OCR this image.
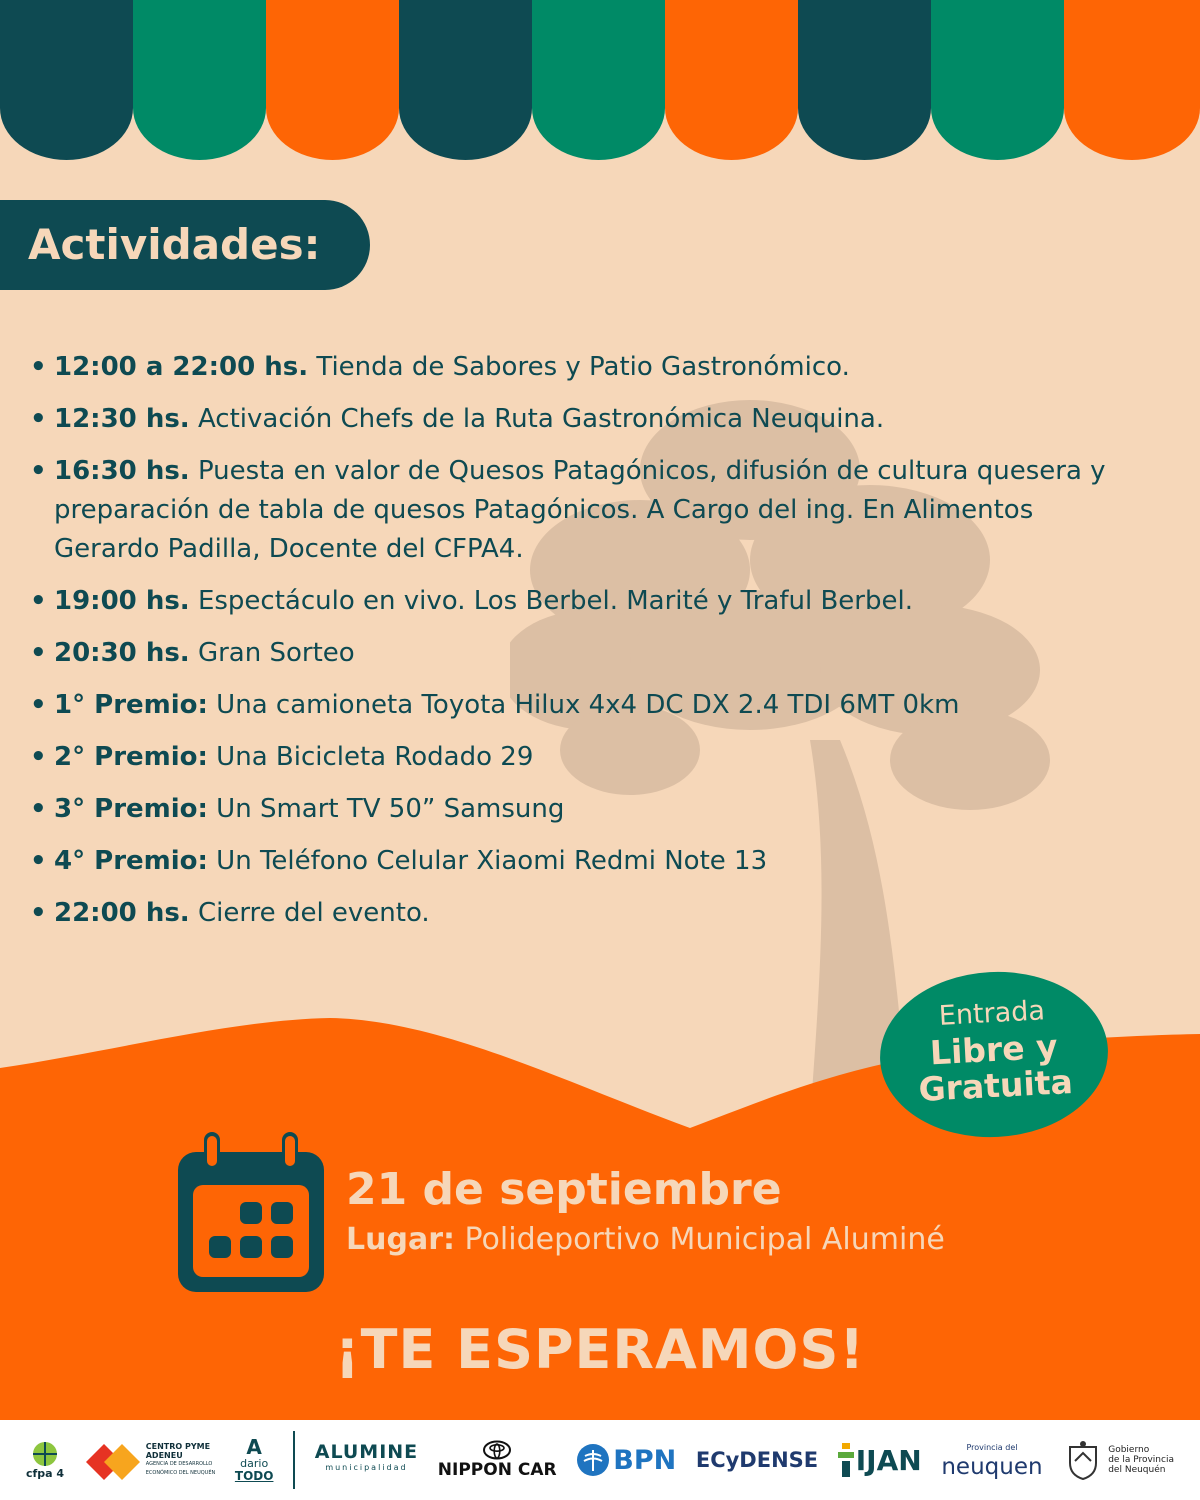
Actividades:
• 12:00 a 22:00 hs. Tienda de Sabores y Patio Gastronómico.
• 12:30 hs. Activación Chefs de la Ruta Gastronómica Neuquina.
• 16:30 hs. Puesta en valor de Quesos Patagónicos, difusión de cultura quesera y preparación de tabla de quesos Patagónicos. A Cargo del ing. En Alimentos Gerardo Padilla, Docente del CFPA4.
• 19:00 hs. Espectáculo en vivo. Los Berbel. Marité y Traful Berbel.
• 20:30 hs. Gran Sorteo
• 1° Premio: Una camioneta Toyota Hilux 4x4 DC DX 2.4 TDI 6MT 0km
• 2° Premio: Una Bicicleta Rodado 29
• 3° Premio: Un Smart TV 50” Samsung
• 4° Premio: Un Teléfono Celular Xiaomi Redmi Note 13
• 22:00 hs. Cierre del evento.
Entrada
Libre y
Gratuita
21 de septiembre
Lugar: Polideportivo Municipal Aluminé
¡TE ESPERAMOS!
cfpa 4
CENTRO PYME
ADENEU
AGENCIA DE DESARROLLO
ECONÓMICO DEL NEUQUÉN
A
dario
TODO
ALUMINE
municipalidad NIPPON CAR BPN ECyDENSE IJAN	Provincia del
neuquen
Gobierno
de la Provincia
del Neuquén
